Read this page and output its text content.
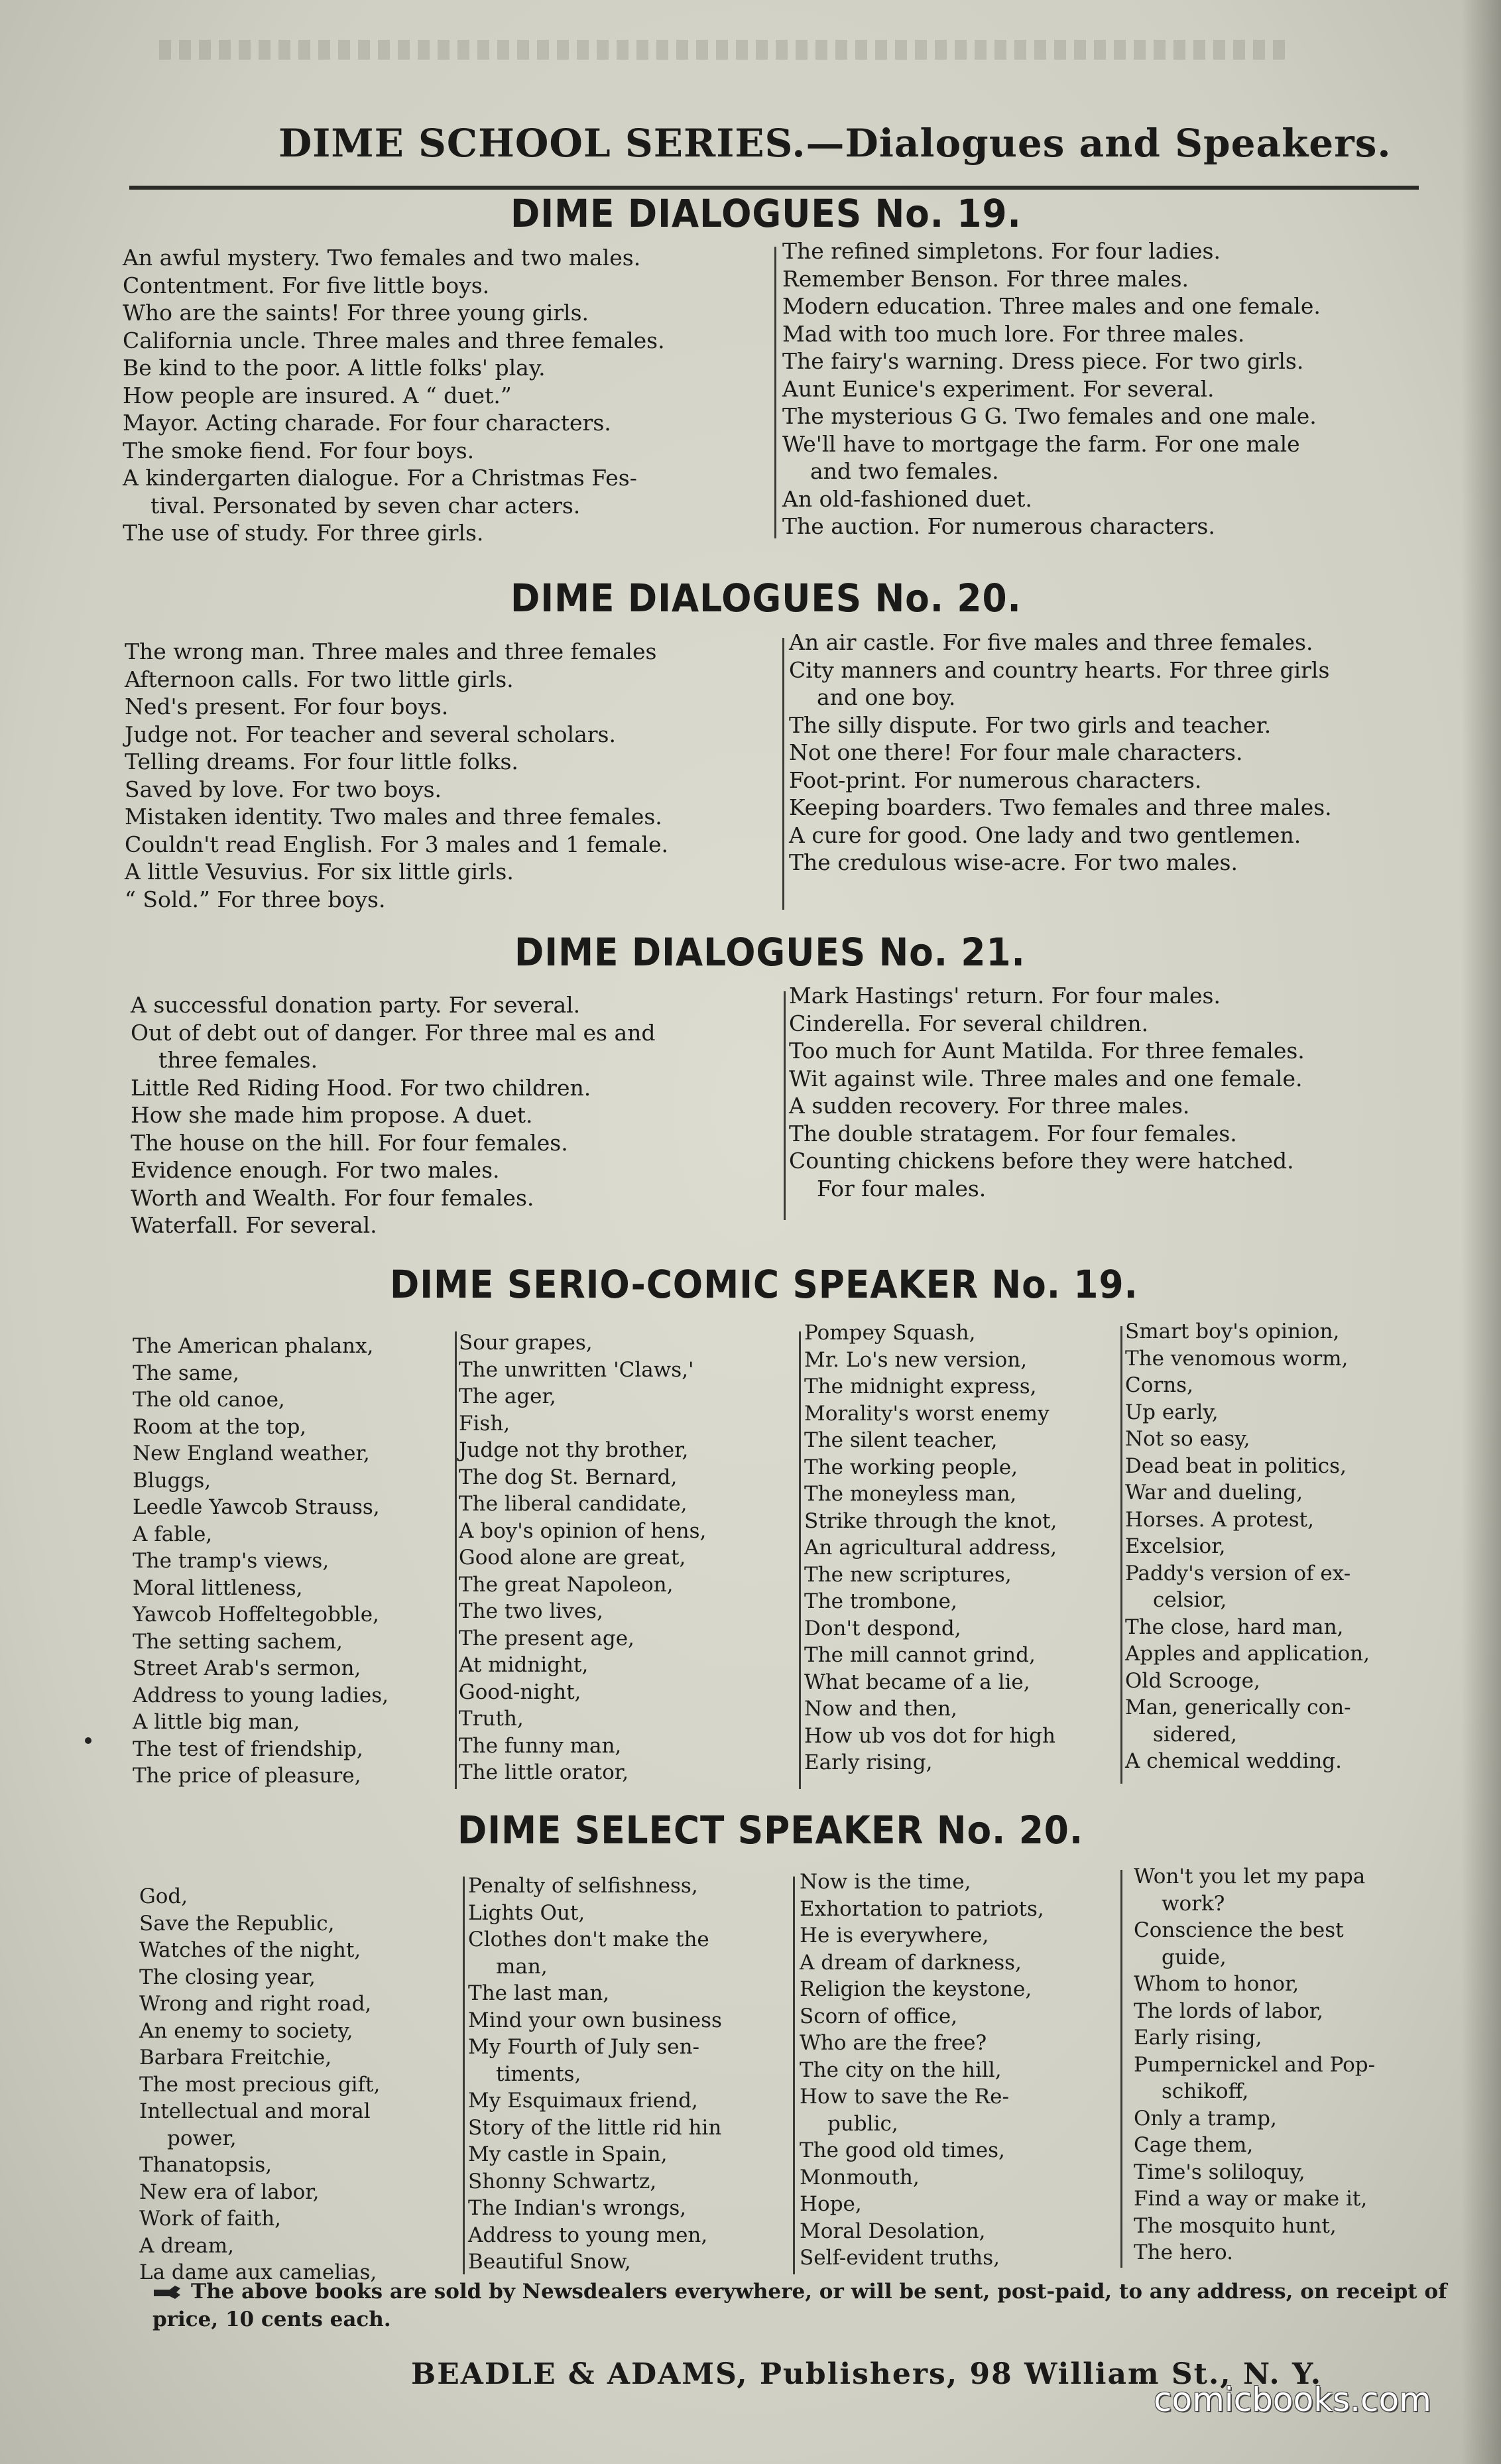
DIME SCHOOL SERIES.—Dialogues and Speakers.
DIME DIALOGUES No. 19.
An awful mystery. Two females and two males.
Contentment. For five little boys.
Who are the saints! For three young girls.
California uncle. Three males and three females.
Be kind to the poor. A little folks' play.
How people are insured. A “ duet.”
Mayor. Acting charade. For four characters.
The smoke fiend. For four boys.
A kindergarten dialogue. For a Christmas Fes-
tival. Personated by seven char acters.
The use of study. For three girls.
The refined simpletons. For four ladies.
Remember Benson. For three males.
Modern education. Three males and one female.
Mad with too much lore. For three males.
The fairy's warning. Dress piece. For two girls.
Aunt Eunice's experiment. For several.
The mysterious G G. Two females and one male.
We'll have to mortgage the farm. For one male
and two females.
An old-fashioned duet.
The auction. For numerous characters.
DIME DIALOGUES No. 20.
The wrong man. Three males and three females
Afternoon calls. For two little girls.
Ned's present. For four boys.
Judge not. For teacher and several scholars.
Telling dreams. For four little folks.
Saved by love. For two boys.
Mistaken identity. Two males and three females.
Couldn't read English. For 3 males and 1 female.
A little Vesuvius. For six little girls.
“ Sold.” For three boys.
An air castle. For five males and three females.
City manners and country hearts. For three girls
and one boy.
The silly dispute. For two girls and teacher.
Not one there! For four male characters.
Foot-print. For numerous characters.
Keeping boarders. Two females and three males.
A cure for good. One lady and two gentlemen.
The credulous wise-acre. For two males.
DIME DIALOGUES No. 21.
A successful donation party. For several.
Out of debt out of danger. For three mal es and
three females.
Little Red Riding Hood. For two children.
How she made him propose. A duet.
The house on the hill. For four females.
Evidence enough. For two males.
Worth and Wealth. For four females.
Waterfall. For several.
Mark Hastings' return. For four males.
Cinderella. For several children.
Too much for Aunt Matilda. For three females.
Wit against wile. Three males and one female.
A sudden recovery. For three males.
The double stratagem. For four females.
Counting chickens before they were hatched.
For four males.
DIME SERIO-COMIC SPEAKER No. 19.
The American phalanx,
The same,
The old canoe,
Room at the top,
New England weather,
Bluggs,
Leedle Yawcob Strauss,
A fable,
The tramp's views,
Moral littleness,
Yawcob Hoffeltegobble,
The setting sachem,
Street Arab's sermon,
Address to young ladies,
A little big man,
The test of friendship,
The price of pleasure,
Sour grapes,
The unwritten 'Claws,'
The ager,
Fish,
Judge not thy brother,
The dog St. Bernard,
The liberal candidate,
A boy's opinion of hens,
Good alone are great,
The great Napoleon,
The two lives,
The present age,
At midnight,
Good-night,
Truth,
The funny man,
The little orator,
Pompey Squash,
Mr. Lo's new version,
The midnight express,
Morality's worst enemy
The silent teacher,
The working people,
The moneyless man,
Strike through the knot,
An agricultural address,
The new scriptures,
The trombone,
Don't despond,
The mill cannot grind,
What became of a lie,
Now and then,
How ub vos dot for high
Early rising,
Smart boy's opinion,
The venomous worm,
Corns,
Up early,
Not so easy,
Dead beat in politics,
War and dueling,
Horses. A protest,
Excelsior,
Paddy's version of ex-
celsior,
The close, hard man,
Apples and application,
Old Scrooge,
Man, generically con-
sidered,
A chemical wedding.
DIME SELECT SPEAKER No. 20.
God,
Save the Republic,
Watches of the night,
The closing year,
Wrong and right road,
An enemy to society,
Barbara Freitchie,
The most precious gift,
Intellectual and moral
power,
Thanatopsis,
New era of labor,
Work of faith,
A dream,
La dame aux camelias,
Penalty of selfishness,
Lights Out,
Clothes don't make the
man,
The last man,
Mind your own business
My Fourth of July sen-
timents,
My Esquimaux friend,
Story of the little rid hin
My castle in Spain,
Shonny Schwartz,
The Indian's wrongs,
Address to young men,
Beautiful Snow,
Now is the time,
Exhortation to patriots,
He is everywhere,
A dream of darkness,
Religion the keystone,
Scorn of office,
Who are the free?
The city on the hill,
How to save the Re-
public,
The good old times,
Monmouth,
Hope,
Moral Desolation,
Self-evident truths,
Won't you let my papa
work?
Conscience the best
guide,
Whom to honor,
The lords of labor,
Early rising,
Pumpernickel and Pop-
schikoff,
Only a tramp,
Cage them,
Time's soliloquy,
Find a way or make it,
The mosquito hunt,
The hero.
The above books are sold by Newsdealers everywhere, or will be sent, post-paid, to any address, on receipt of price, 10 cents each.
BEADLE & ADAMS, Publishers, 98 William St., N. Y.
comicbooks.com
